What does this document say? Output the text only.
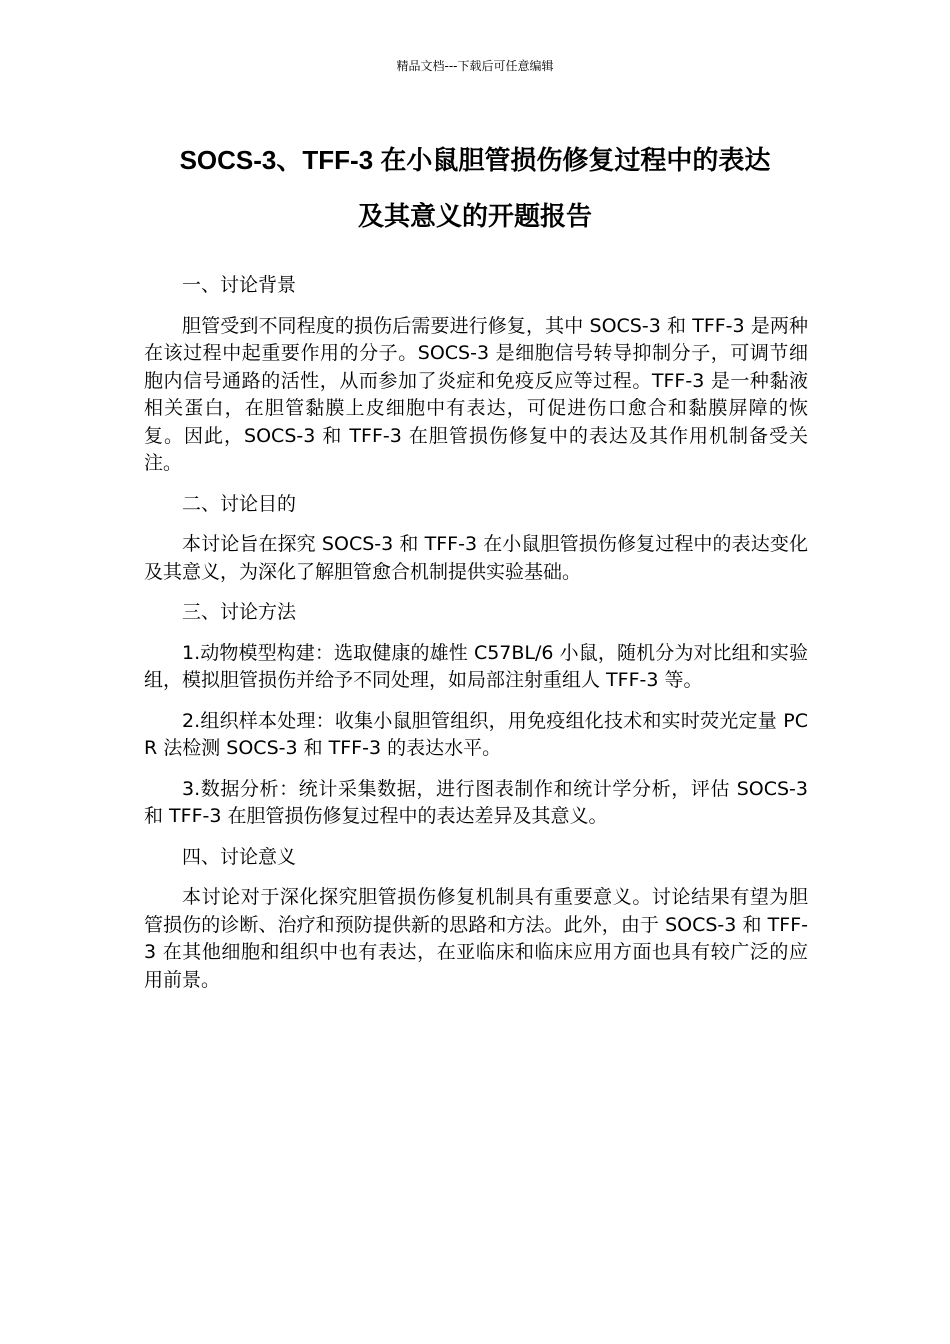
精品文档---下载后可任意编辑
SOCS-3、TFF-3 在小鼠胆管损伤修复过程中的表达
及其意义的开题报告

一、讨论背景

胆管受到不同程度的损伤后需要进行修复，其中 SOCS-3 和 TFF-3 是两种在该过程中起重要作用的分子。SOCS-3 是细胞信号转导抑制分子，可调节细胞内信号通路的活性，从而参加了炎症和免疫反应等过程。TFF-3 是一种黏液相关蛋白，在胆管黏膜上皮细胞中有表达，可促进伤口愈合和黏膜屏障的恢复。因此，SOCS-3 和 TFF-3 在胆管损伤修复中的表达及其作用机制备受关注。

二、讨论目的

本讨论旨在探究 SOCS-3 和 TFF-3 在小鼠胆管损伤修复过程中的表达变化及其意义，为深化了解胆管愈合机制提供实验基础。

三、讨论方法

1.动物模型构建：选取健康的雄性 C57BL/6 小鼠，随机分为对比组和实验组，模拟胆管损伤并给予不同处理，如局部注射重组人 TFF-3 等。

2.组织样本处理：收集小鼠胆管组织，用免疫组化技术和实时荧光定量 PCR 法检测 SOCS-3 和 TFF-3 的表达水平。

3.数据分析：统计采集数据，进行图表制作和统计学分析，评估 SOCS-3 和 TFF-3 在胆管损伤修复过程中的表达差异及其意义。

四、讨论意义

本讨论对于深化探究胆管损伤修复机制具有重要意义。讨论结果有望为胆管损伤的诊断、治疗和预防提供新的思路和方法。此外，由于 SOCS-3 和 TFF-3 在其他细胞和组织中也有表达，在亚临床和临床应用方面也具有较广泛的应用前景。
